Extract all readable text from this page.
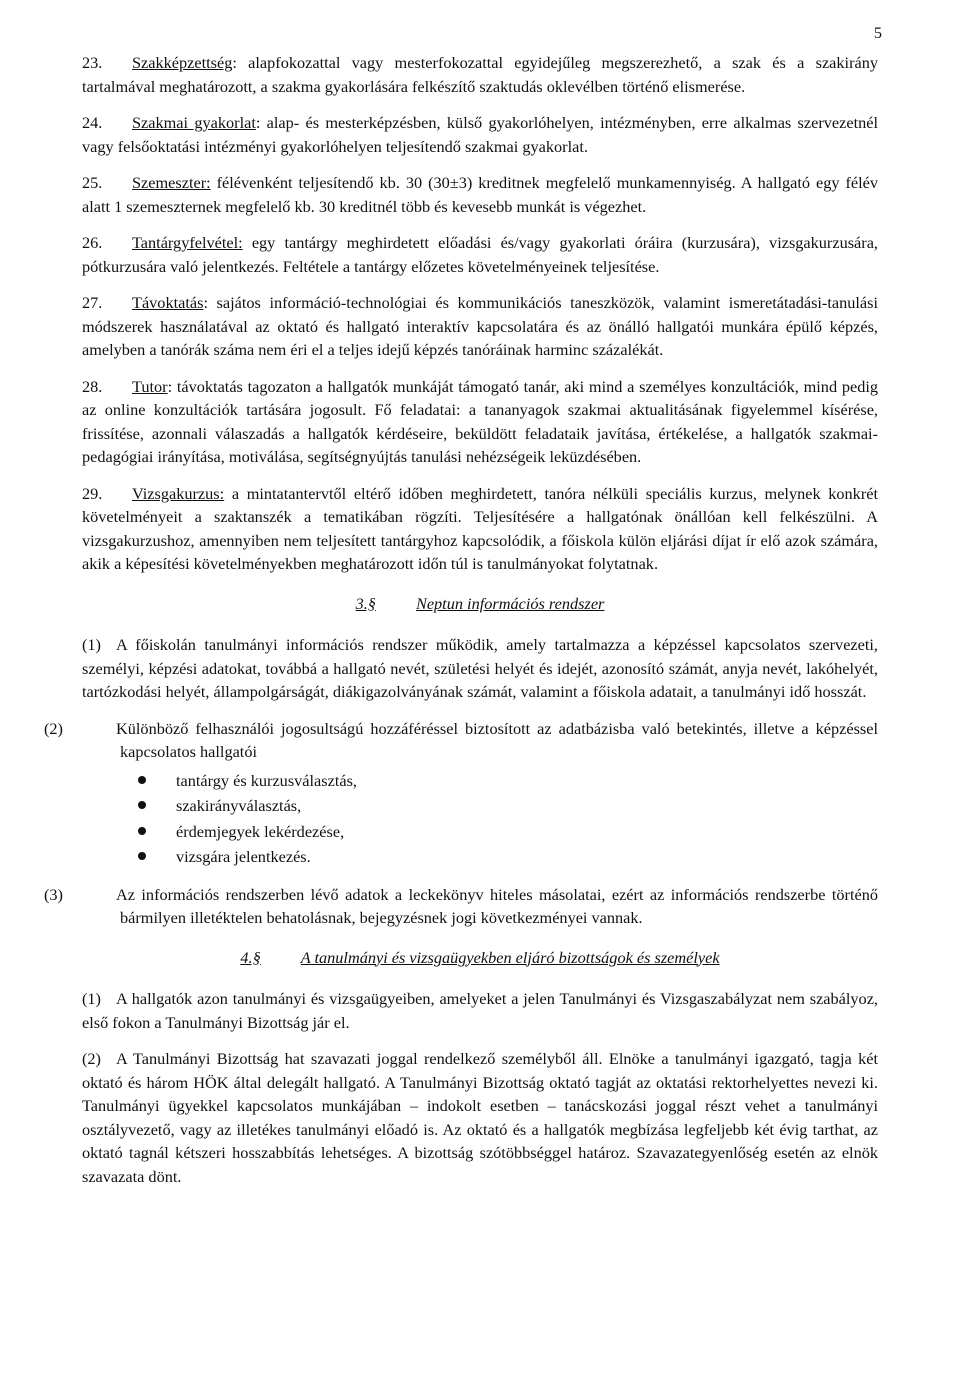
5

23. Szakképzettség: alapfokozattal vagy mesterfokozattal egyidejűleg megszerezhető, a szak és a szakirány tartalmával meghatározott, a szakma gyakorlására felkészítő szaktudás oklevélben történő elismerése.

24. Szakmai gyakorlat: alap- és mesterképzésben, külső gyakorlóhelyen, intézményben, erre alkalmas szervezetnél vagy felsőoktatási intézményi gyakorlóhelyen teljesítendő szakmai gyakorlat.

25. Szemeszter: félévenként teljesítendő kb. 30 (30±3) kreditnek megfelelő munkamennyiség. A hallgató egy félév alatt 1 szemeszternek megfelelő kb. 30 kreditnél több és kevesebb munkát is végezhet.

26. Tantárgyfelvétel: egy tantárgy meghirdetett előadási és/vagy gyakorlati óráira (kurzusára), vizsgakurzusára, pótkurzusára való jelentkezés. Feltétele a tantárgy előzetes követelményeinek teljesítése.

27. Távoktatás: sajátos információ-technológiai és kommunikációs taneszközök, valamint ismeretátadási-tanulási módszerek használatával az oktató és hallgató interaktív kapcsolatára és az önálló hallgatói munkára épülő képzés, amelyben a tanórák száma nem éri el a teljes idejű képzés tanóráinak harminc százalékát.

28. Tutor: távoktatás tagozaton a hallgatók munkáját támogató tanár, aki mind a személyes konzultációk, mind pedig az online konzultációk tartására jogosult. Fő feladatai: a tananyagok szakmai aktualitásának figyelemmel kísérése, frissítése, azonnali válaszadás a hallgatók kérdéseire, beküldött feladataik javítása, értékelése, a hallgatók szakmai-pedagógiai irányítása, motiválása, segítségnyújtás tanulási nehézségeik leküzdésében.

29. Vizsgakurzus: a mintatantervtől eltérő időben meghirdetett, tanóra nélküli speciális kurzus, melynek konkrét követelményeit a szaktanszék a tematikában rögzíti. Teljesítésére a hallgatónak önállóan kell felkészülni. A vizsgakurzushoz, amennyiben nem teljesített tantárgyhoz kapcsolódik, a főiskola külön eljárási díjat ír elő azok számára, akik a képesítési követelményekben meghatározott időn túl is tanulmányokat folytatnak.

3.§ Neptun információs rendszer

(1) A főiskolán tanulmányi információs rendszer működik, amely tartalmazza a képzéssel kapcsolatos szervezeti, személyi, képzési adatokat, továbbá a hallgató nevét, születési helyét és idejét, azonosító számát, anyja nevét, lakóhelyét, tartózkodási helyét, állampolgárságát, diákigazolványának számát, valamint a főiskola adatait, a tanulmányi idő hosszát.

(2)	Különböző felhasználói jogosultságú hozzáféréssel biztosított az adatbázisba való betekintés, illetve a képzéssel kapcsolatos hallgatói

tantárgy és kurzusválasztás,
szakirányválasztás,
érdemjegyek lekérdezése,
vizsgára jelentkezés.

(3)	Az információs rendszerben lévő adatok a leckekönyv hiteles másolatai, ezért az információs rendszerbe történő bármilyen illetéktelen behatolásnak, bejegyzésnek jogi következményei vannak.

4.§ A tanulmányi és vizsgaügyekben eljáró bizottságok és személyek

(1) A hallgatók azon tanulmányi és vizsgaügyeiben, amelyeket a jelen Tanulmányi és Vizsgaszabályzat nem szabályoz, első fokon a Tanulmányi Bizottság jár el.

(2) A Tanulmányi Bizottság hat szavazati joggal rendelkező személyből áll. Elnöke a tanulmányi igazgató, tagja két oktató és három HÖK által delegált hallgató. A Tanulmányi Bizottság oktató tagját az oktatási rektorhelyettes nevezi ki. Tanulmányi ügyekkel kapcsolatos munkájában – indokolt esetben – tanácskozási joggal részt vehet a tanulmányi osztályvezető, vagy az illetékes tanulmányi előadó is. Az oktató és a hallgatók megbízása legfeljebb két évig tarthat, az oktató tagnál kétszeri hosszabbítás lehetséges. A bizottság szótöbbséggel határoz. Szavazategyenlőség esetén az elnök szavazata dönt.
